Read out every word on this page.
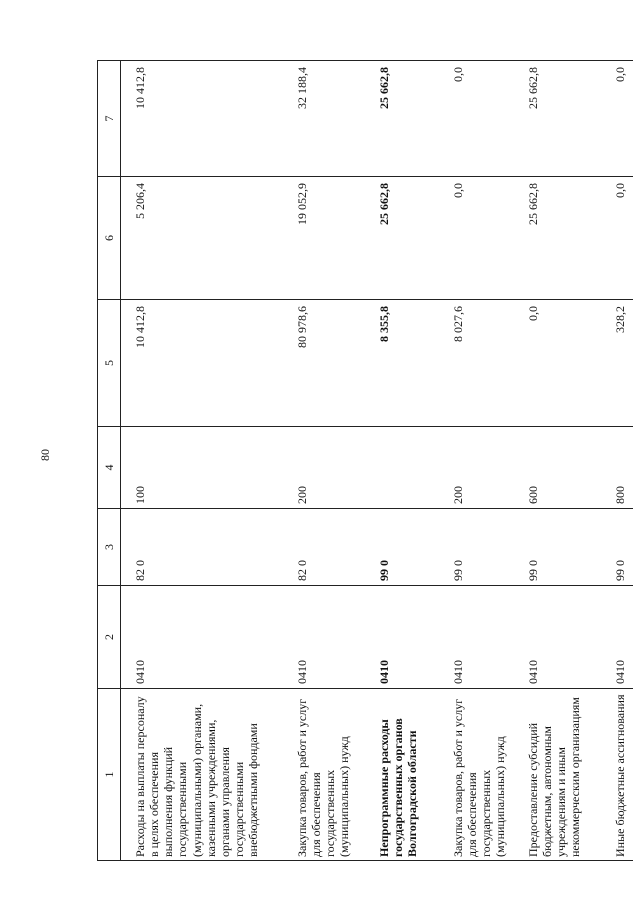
80
1	2	3	4	5	6	7
Расходы на выплаты персоналу в целях обеспечения выполнения функций государственными (муниципальными) органами, казенными учреждениями, органами управления государственными внебюджетными фондами	0410	82 0	100	10 412,8	5 206,4	10 412,8
Закупка товаров, работ и услуг для обеспечения государственных (муниципальных) нужд	0410	82 0	200	80 978,6	19 052,9	32 188,4
Непрограммные расходы государственных органов Волгоградской области	0410	99 0		8 355,8	25 662,8	25 662,8
Закупка товаров, работ и услуг для обеспечения государственных (муниципальных) нужд	0410	99 0	200	8 027,6	0,0	0,0
Предоставление субсидий бюджетным, автономным учреждениям и иным некоммерческим организациям	0410	99 0	600	0,0	25 662,8	25 662,8
Иные бюджетные ассигнования	0410	99 0	800	328,2	0,0	0,0
